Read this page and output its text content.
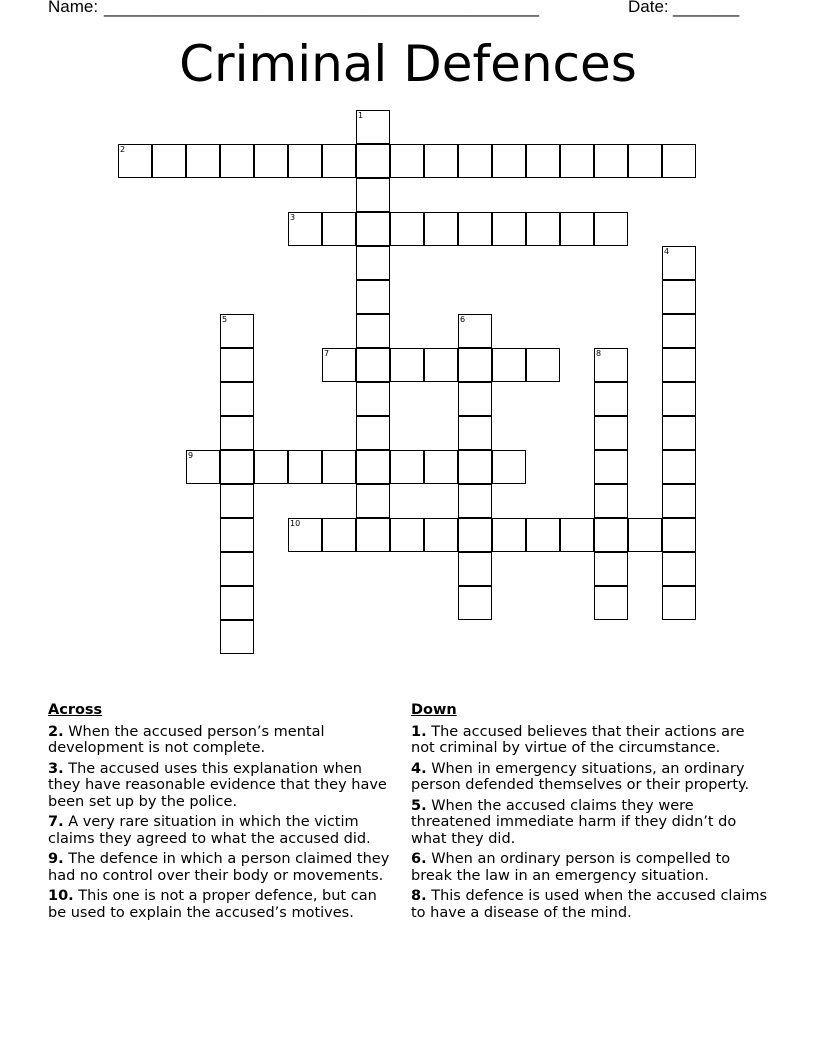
Name: ______________________________________________	Date: _______
Criminal Defences
1
2
3
4
5	6
7	8
9
10
Across
2. When the accused person’s mental development is not complete.
3. The accused uses this explanation when they have reasonable evidence that they have been set up by the police.
7. A very rare situation in which the victim claims they agreed to what the accused did.
9. The defence in which a person claimed they had no control over their body or movements.
10. This one is not a proper defence, but can be used to explain the accused’s motives.
Down
1. The accused believes that their actions are not criminal by virtue of the circumstance.
4. When in emergency situations, an ordinary person defended themselves or their property.
5. When the accused claims they were threatened immediate harm if they didn’t do what they did.
6. When an ordinary person is compelled to break the law in an emergency situation.
8. This defence is used when the accused claims to have a disease of the mind.
